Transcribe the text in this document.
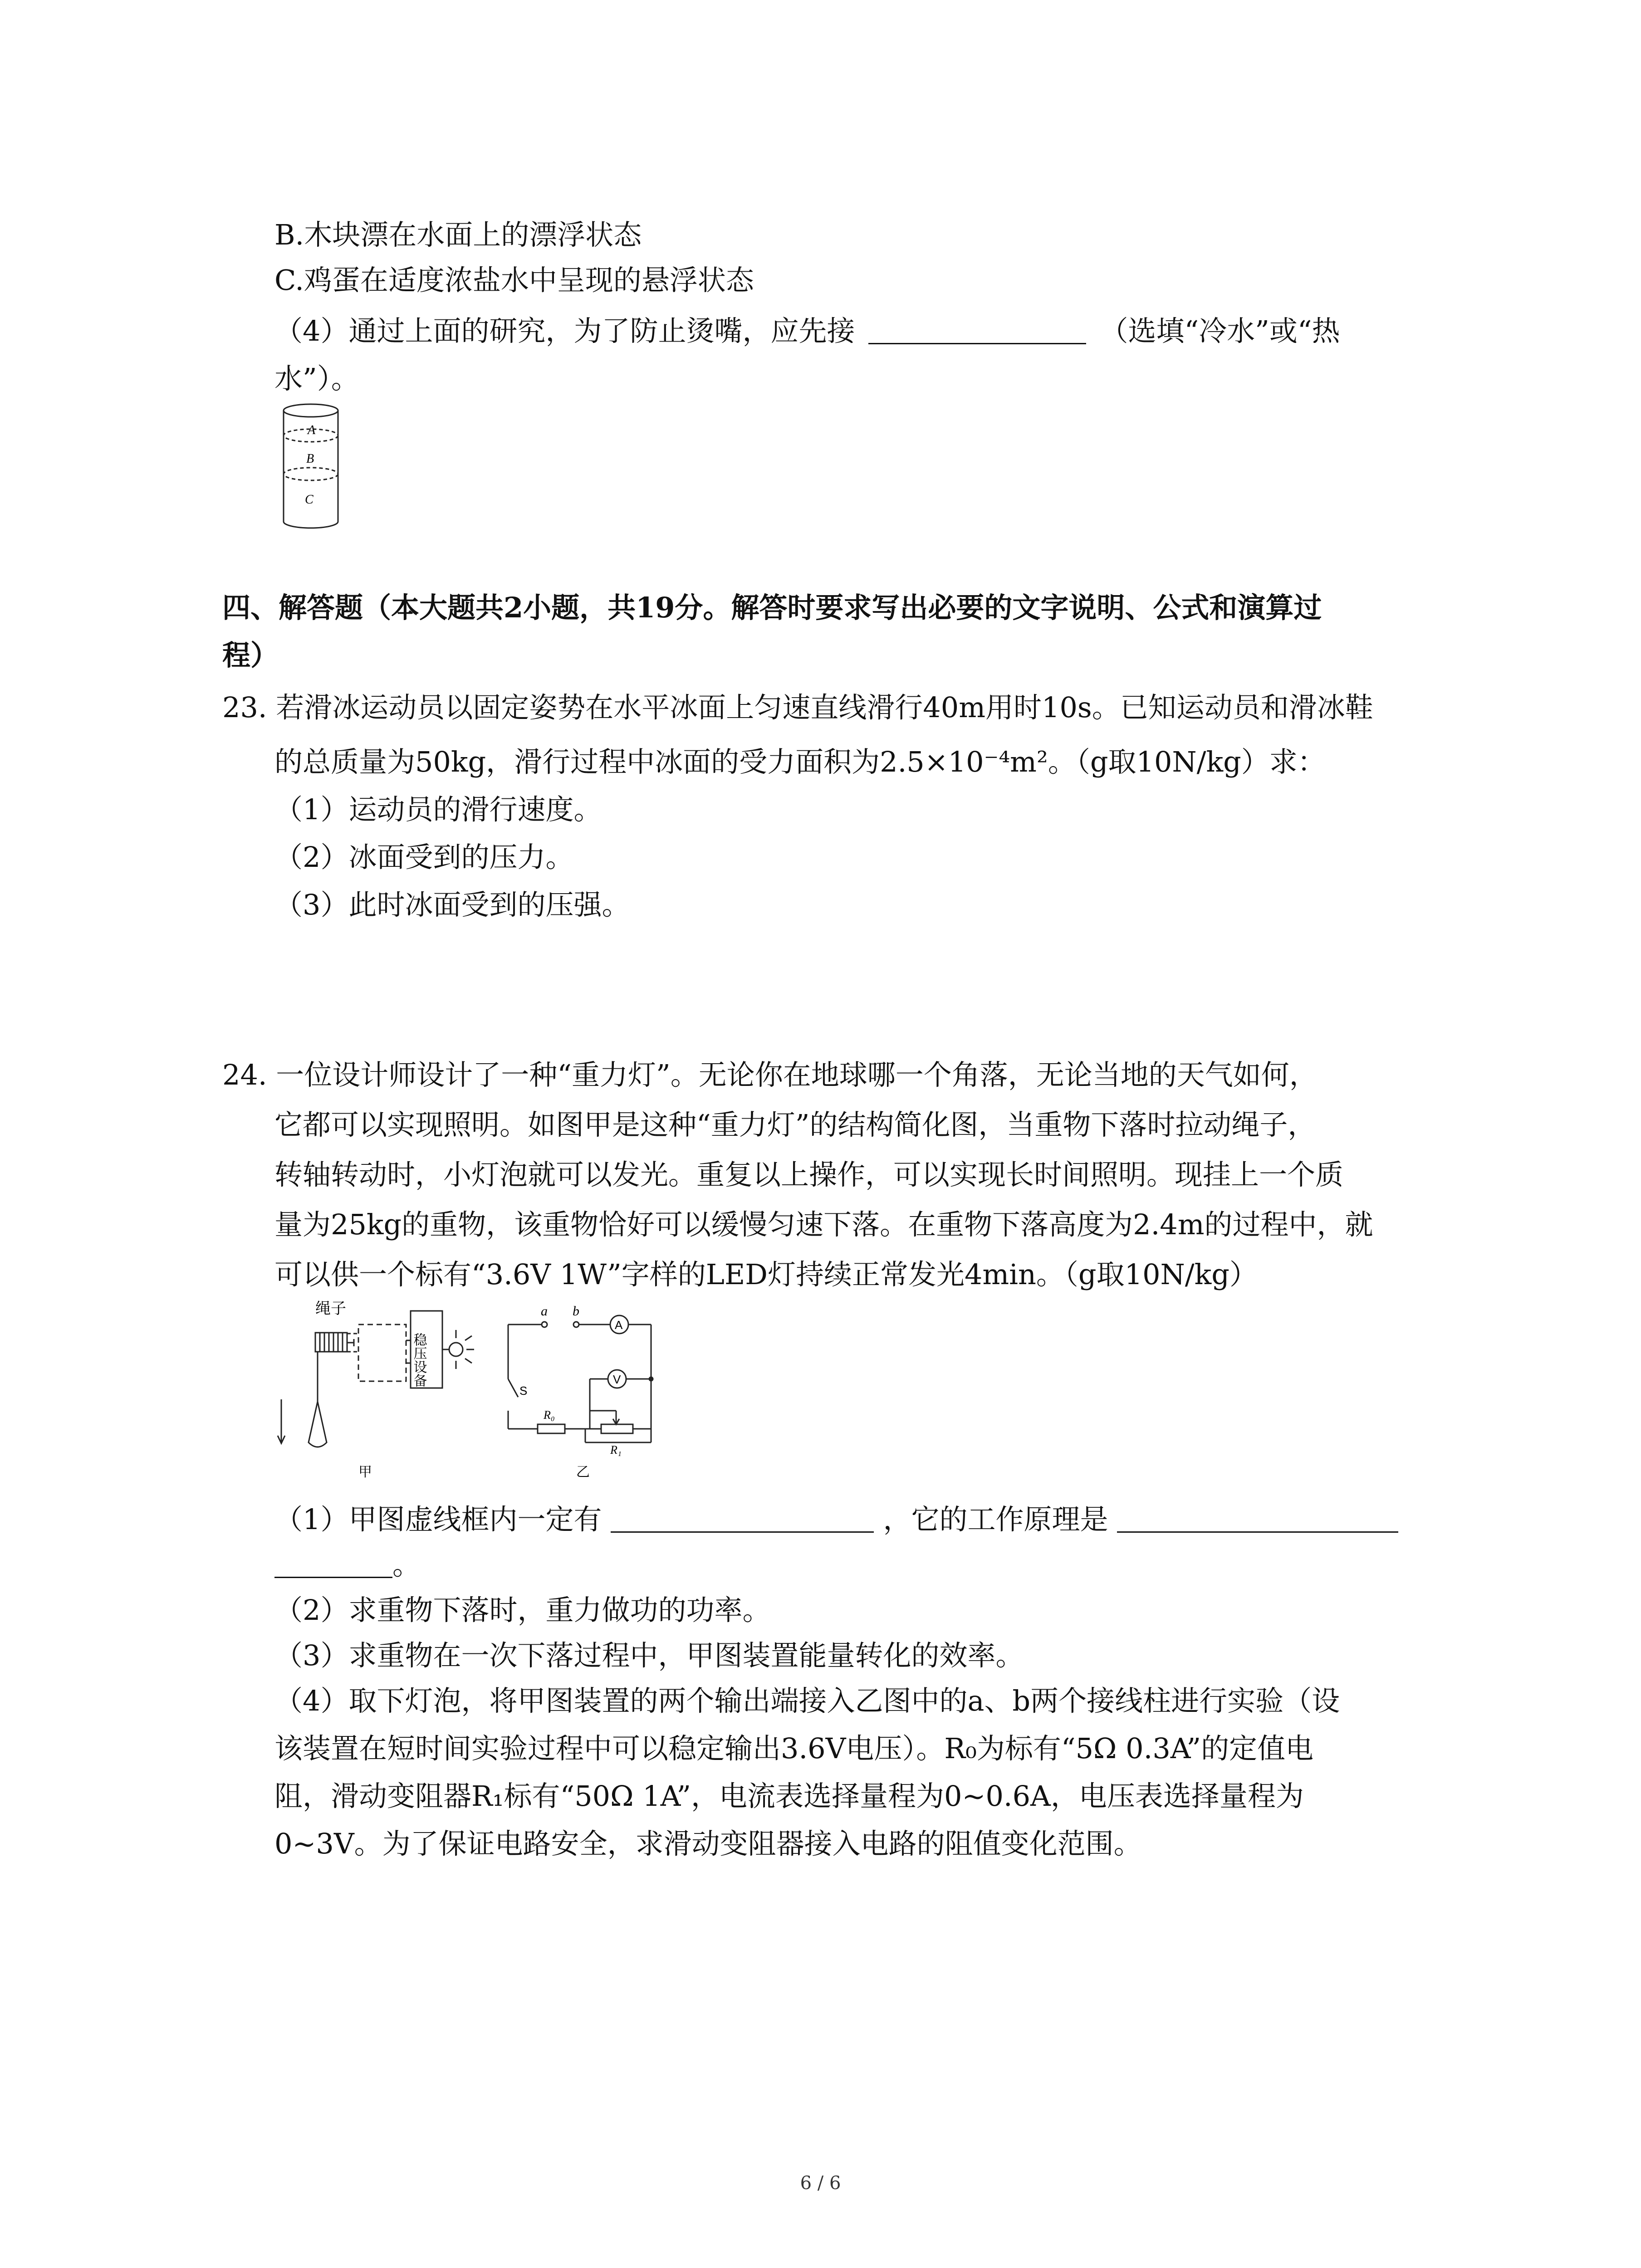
B.木块漂在水面上的漂浮状态
C.鸡蛋在适度浓盐水中呈现的悬浮状态
（4）通过上面的研究，为了防止烫嘴，应先接	（选填“冷水”或“热
水”）。
A
B
C
四、解答题（本大题共2小题，共19分。解答时要求写出必要的文字说明、公式和演算过
程）
23. 若滑冰运动员以固定姿势在水平冰面上匀速直线滑行40m用时10s。已知运动员和滑冰鞋
的总质量为50kg，滑行过程中冰面的受力面积为2.5×10⁻⁴m²。（g取10N/kg）求：
（1）运动员的滑行速度。
（2）冰面受到的压力。
（3）此时冰面受到的压强。
24. 一位设计师设计了一种“重力灯”。无论你在地球哪一个角落，无论当地的天气如何，
它都可以实现照明。如图甲是这种“重力灯”的结构简化图，当重物下落时拉动绳子，
转轴转动时，小灯泡就可以发光。重复以上操作，可以实现长时间照明。现挂上一个质
量为25kg的重物，该重物恰好可以缓慢匀速下落。在重物下落高度为2.4m的过程中，就
可以供一个标有“3.6V 1W”字样的LED灯持续正常发光4min。（g取10N/kg）
绳子
稳压设备
甲
a b
A
V
S
R₀
R₁
乙
（1）甲图虚线框内一定有	，它的工作原理是
。
（2）求重物下落时，重力做功的功率。
（3）求重物在一次下落过程中，甲图装置能量转化的效率。
（4）取下灯泡，将甲图装置的两个输出端接入乙图中的a、b两个接线柱进行实验（设
该装置在短时间实验过程中可以稳定输出3.6V电压）。R₀为标有“5Ω 0.3A”的定值电
阻，滑动变阻器R₁标有“50Ω 1A”，电流表选择量程为0~0.6A，电压表选择量程为
0~3V。为了保证电路安全，求滑动变阻器接入电路的阻值变化范围。
6 / 6
